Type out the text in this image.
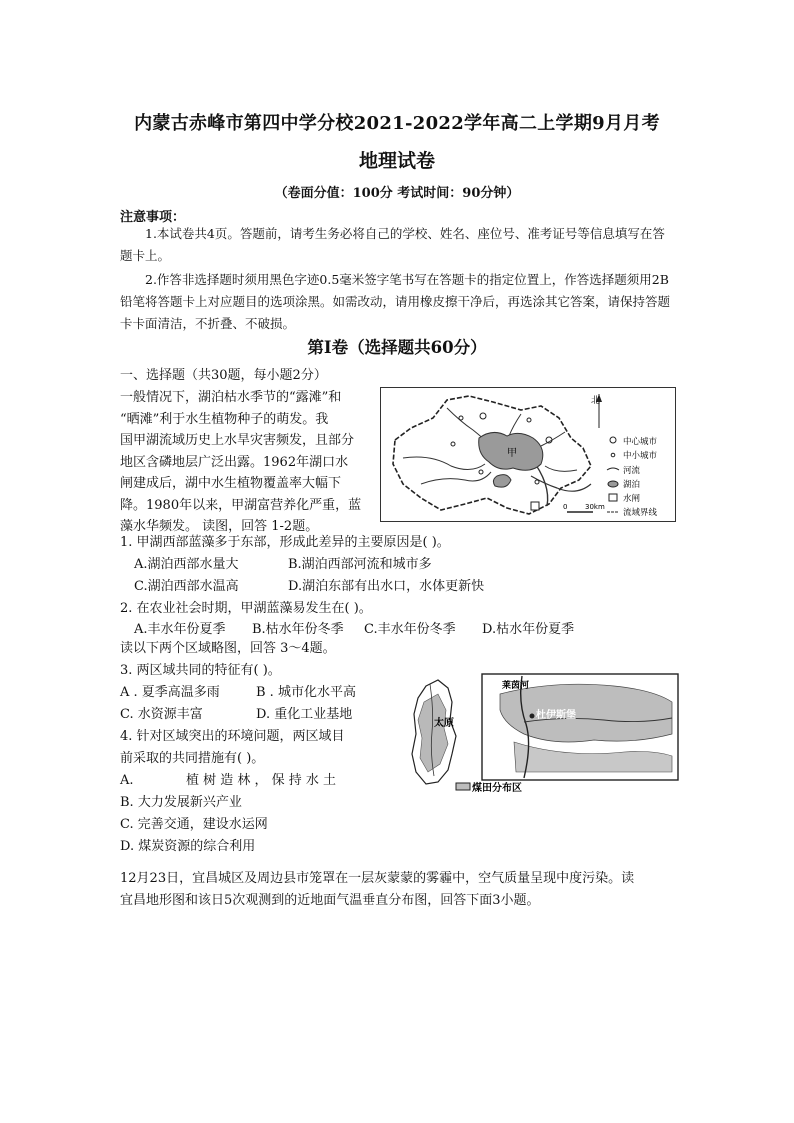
内蒙古赤峰市第四中学分校2021-2022学年高二上学期9月月考
地理试卷
（卷面分值：100分 考试时间：90分钟）
注意事项：
1.本试卷共4页。答题前，请考生务必将自己的学校、姓名、座位号、准考证号等信息填写在答题卡上。
2.作答非选择题时须用黑色字迹0.5毫米签字笔书写在答题卡的指定位置上，作答选择题须用2B铅笔将答题卡上对应题目的选项涂黑。如需改动，请用橡皮擦干净后，再选涂其它答案，请保持答题卡卡面清洁，不折叠、不破损。
第Ⅰ卷（选择题共60分）
一、选择题（共30题，每小题2分）
一般情况下，湖泊枯水季节的“露滩”和
“晒滩”利于水生植物种子的萌发。我
国甲湖流域历史上水旱灾害频发，且部分
地区含磷地层广泛出露。1962年湖口水
闸建成后，湖中水生植物覆盖率大幅下
降。1980年以来，甲湖富营养化严重，蓝
藻水华频发。 读图，回答 1-2题。
甲
北
0	30km
中心城市
中小城市
河流
湖泊
水闸
流域界线
1. 甲湖西部蓝藻多于东部，形成此差异的主要原因是( )。
A.湖泊西部水量大	B.湖泊西部河流和城市多
C.湖泊西部水温高	D.湖泊东部有出水口，水体更新快
2. 在农业社会时期，甲湖蓝藻易发生在( )。
A.丰水年份夏季 B.枯水年份冬季 C.丰水年份冬季 D.枯水年份夏季
读以下两个区域略图，回答 3～4题。
3. 两区域共同的特征有( )。
A . 夏季高温多雨	B . 城市化水平高
C. 水资源丰富	D. 重化工业基地
4. 针对区域突出的环境问题，两区域目
前采取的共同措施有( )。
A.	植 树 造 林 ， 保 持 水 土
B. 大力发展新兴产业
C. 完善交通，建设水运网
D. 煤炭资源的综合利用
太原
莱茵河
杜伊斯堡
煤田分布区
12月23日，宜昌城区及周边县市笼罩在一层灰蒙蒙的雾霾中，空气质量呈现中度污染。读
宜昌地形图和该日5次观测到的近地面气温垂直分布图，回答下面3小题。
